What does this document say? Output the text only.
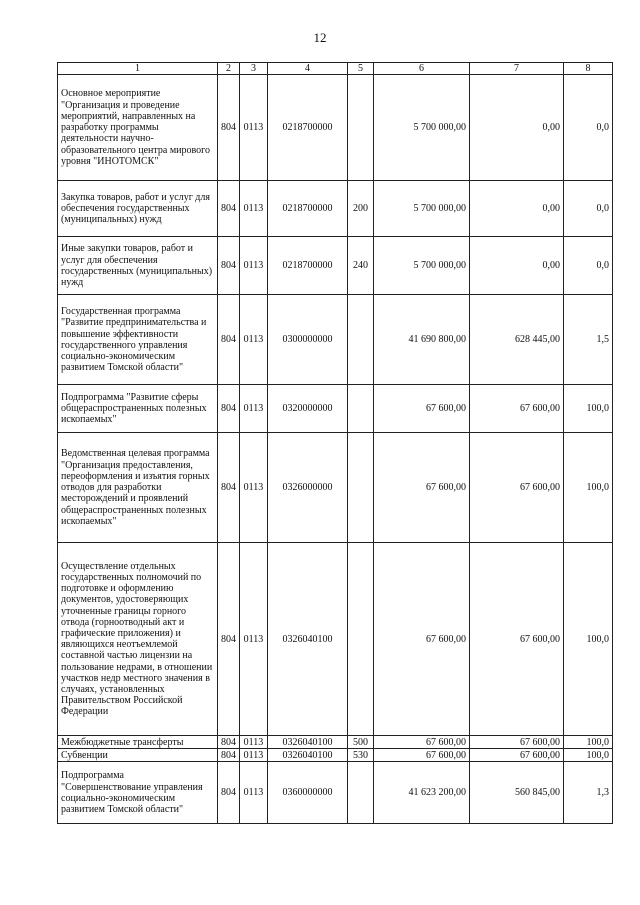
12
1	2	3	4	5	6	7	8
Основное мероприятие "Организация и проведение мероприятий, направленных на разработку программы деятельности научно-образовательного центра мирового уровня "ИНОТОМСК"	804	0113	0218700000		5 700 000,00	0,00	0,0
Закупка товаров, работ и услуг для обеспечения государственных (муниципальных) нужд	804	0113	0218700000	200	5 700 000,00	0,00	0,0
Иные закупки товаров, работ и услуг для обеспечения государственных (муниципальных) нужд	804	0113	0218700000	240	5 700 000,00	0,00	0,0
Государственная программа "Развитие предпринимательства и повышение эффективности государственного управления социально-экономическим развитием Томской области"	804	0113	0300000000		41 690 800,00	628 445,00	1,5
Подпрограмма "Развитие сферы общераспространенных полезных ископаемых"	804	0113	0320000000		67 600,00	67 600,00	100,0
Ведомственная целевая программа "Организация предоставления, переоформления и изъятия горных отводов для разработки месторождений и проявлений общераспространенных полезных ископаемых"	804	0113	0326000000		67 600,00	67 600,00	100,0
Осуществление отдельных государственных полномочий по подготовке и оформлению документов, удостоверяющих уточненные границы горного отвода (горноотводный акт и графические приложения) и являющихся неотъемлемой составной частью лицензии на пользование недрами, в отношении участков недр местного значения в случаях, установленных Правительством Российской Федерации	804	0113	0326040100		67 600,00	67 600,00	100,0
Межбюджетные трансферты	804	0113	0326040100	500	67 600,00	67 600,00	100,0
Субвенции	804	0113	0326040100	530	67 600,00	67 600,00	100,0
Подпрограмма "Совершенствование управления социально-экономическим развитием Томской области"	804	0113	0360000000		41 623 200,00	560 845,00	1,3
